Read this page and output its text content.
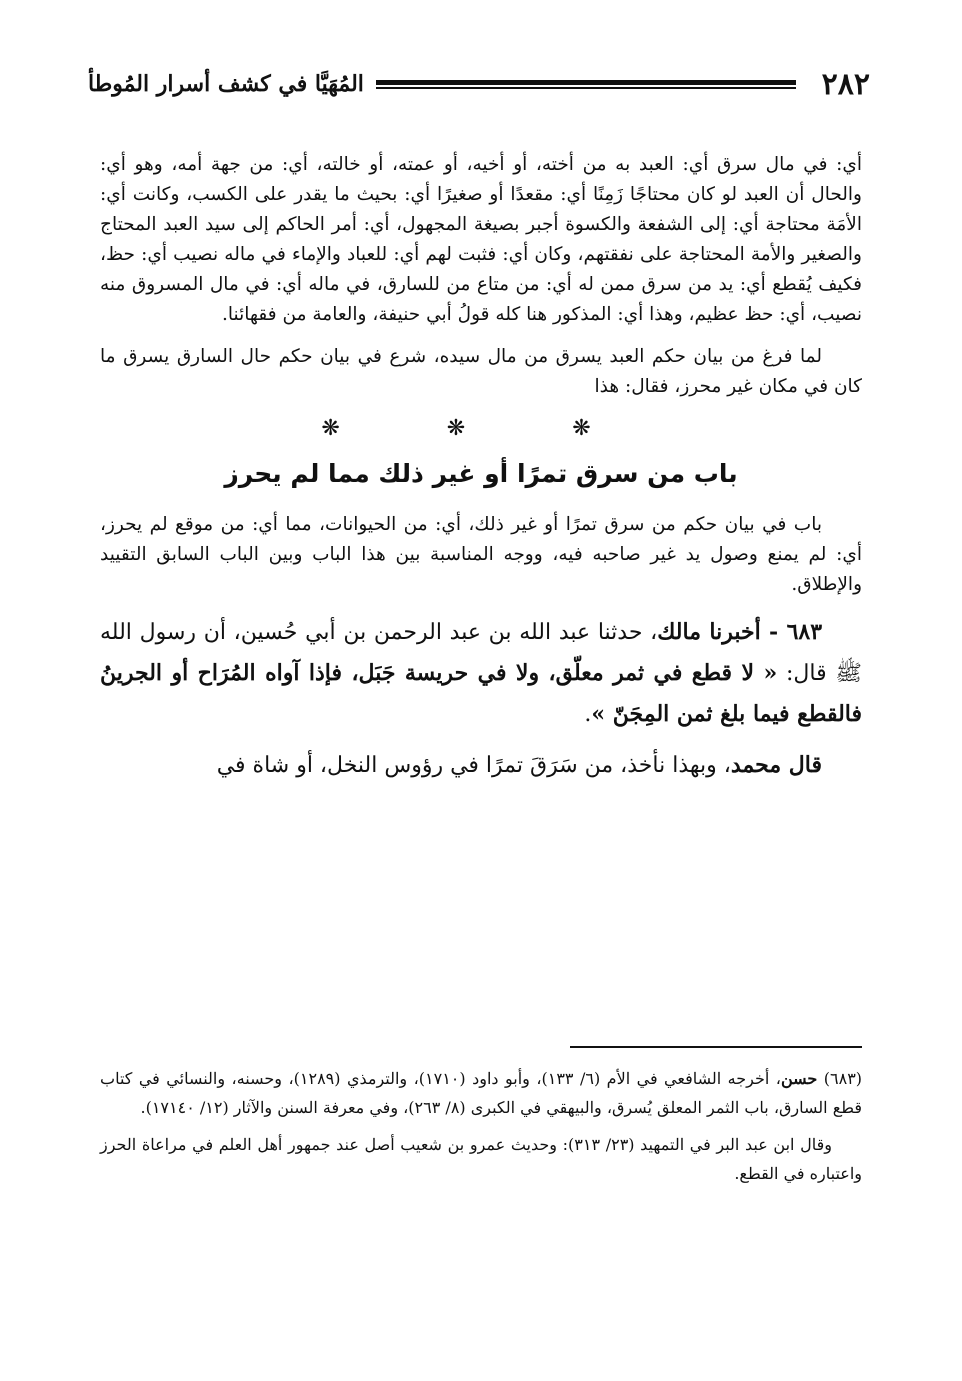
٢٨٢
المُهَيَّا في كشف أسرار المُوطأ

أي: في مال سرق أي: العبد به من أخته، أو أخيه، أو عمته، أو خالته، أي: من جهة أمه، وهو أي: والحال أن العبد لو كان محتاجًا زَمِنًا أي: مقعدًا أو صغيرًا أي: بحيث ما يقدر على الكسب، وكانت أي: الأمَة محتاجة أي: إلى الشفعة والكسوة أجبر بصيغة المجهول، أي: أمر الحاكم إلى سيد العبد المحتاج والصغير والأمة المحتاجة على نفقتهم، وكان أي: فثبت لهم أي: للعباد والإماء في ماله نصيب أي: حظ، فكيف يُقطع أي: يد من سرق ممن له أي: من متاع من للسارق، في ماله أي: في مال المسروق منه نصيب، أي: حظ عظيم، وهذا أي: المذكور هنا كله قولُ أبي حنيفة، والعامة من فقهائنا.

لما فرغ من بيان حكم العبد يسرق من مال سيده، شرع في بيان حكم حال السارق يسرق ما كان في مكان غير محرز، فقال: هذا

❋ ❋ ❋
باب من سرق تمرًا أو غير ذلك مما لم يحرز

باب في بيان حكم من سرق تمرًا أو غير ذلك، أي: من الحيوانات، مما أي: من موقع لم يحرز، أي: لم يمنع وصول يد غير صاحبه فيه، ووجه المناسبة بين هذا الباب وبين الباب السابق التقييد والإطلاق.

٦٨٣ - أخبرنا مالك، حدثنا عبد الله بن عبد الرحمن بن أبي حُسين، أن رسول الله ﷺ قال: « لا قطع في ثمر معلّق، ولا في حريسة جَبَل، فإذا آواه المُرَاح أو الجرينُ فالقطع فيما بلغ ثمن المِجَنّ ».

قال محمد، وبهذا نأخذ، من سَرَقَ تمرًا في رؤوس النخل، أو شاة في

(٦٨٣) حسن، أخرجه الشافعي في الأم (٦/ ١٣٣)، وأبو داود (١٧١٠)، والترمذي (١٢٨٩)، وحسنه، والنسائي في كتاب قطع السارق، باب الثمر المعلق يُسرق، والبيهقي في الكبرى (٨/ ٢٦٣)، وفي معرفة السنن والآثار (١٢/ ١٧١٤٠).

وقال ابن عبد البر في التمهيد (٢٣/ ٣١٣): وحديث عمرو بن شعيب أصل عند جمهور أهل العلم في مراعاة الحرز واعتباره في القطع.
